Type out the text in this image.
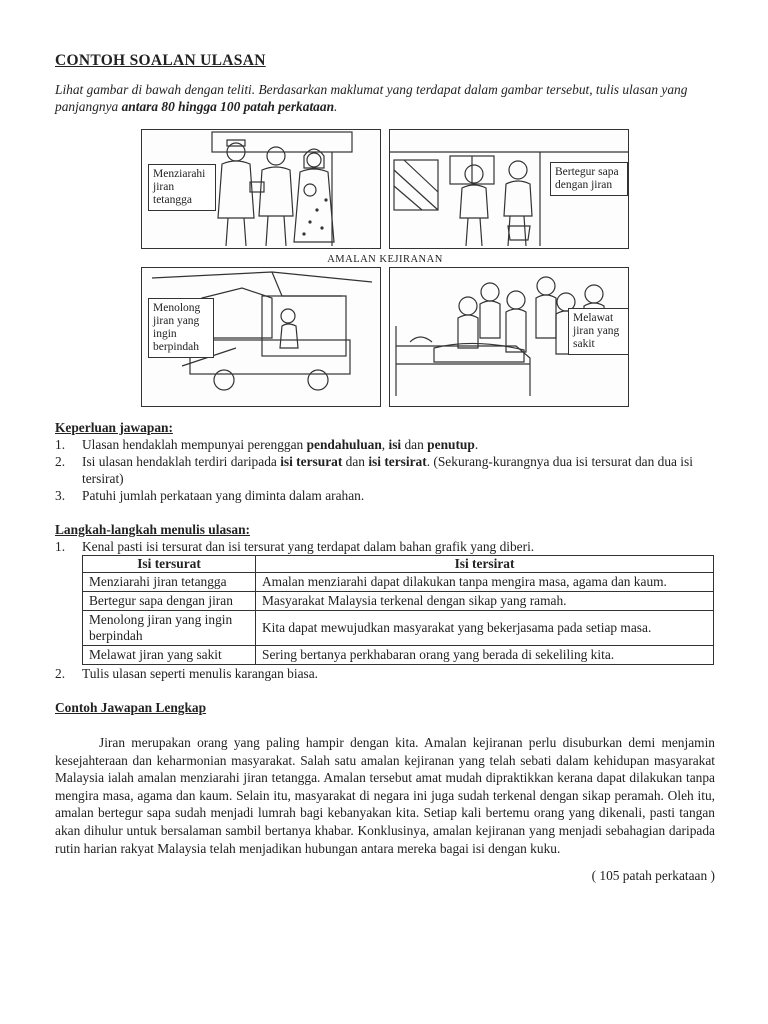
CONTOH SOALAN ULASAN

Lihat gambar di bawah dengan teliti. Berdasarkan maklumat yang terdapat dalam gambar tersebut, tulis ulasan yang panjangnya antara 80 hingga 100 patah perkataan.

Menziarahi jiran tetangga
Bertegur sapa dengan jiran
AMALAN KEJIRANAN
Menolong jiran yang ingin berpindah
Melawat jiran yang sakit

Keperluan jawapan:

1. Ulasan hendaklah mempunyai perenggan pendahuluan, isi dan penutup.
2. Isi ulasan hendaklah terdiri daripada isi tersurat dan isi tersirat. (Sekurang-kurangnya dua isi tersurat dan dua isi tersirat)
3. Patuhi jumlah perkataan yang diminta dalam arahan.

Langkah-langkah menulis ulasan:

1. Kenal pasti isi tersurat dan isi tersurat yang terdapat dalam bahan grafik yang diberi.
Isi tersurat	Isi tersirat
Menziarahi jiran tetangga	Amalan menziarahi dapat dilakukan tanpa mengira masa, agama dan kaum.
Bertegur sapa dengan jiran	Masyarakat Malaysia terkenal dengan sikap yang ramah.
Menolong jiran yang ingin berpindah	Kita dapat mewujudkan masyarakat yang bekerjasama pada setiap masa.
Melawat jiran yang sakit	Sering bertanya perkhabaran orang yang berada di sekeliling kita.
2. Tulis ulasan seperti menulis karangan biasa.

Contoh Jawapan Lengkap

Jiran merupakan orang yang paling hampir dengan kita. Amalan kejiranan perlu disuburkan demi menjamin kesejahteraan dan keharmonian masyarakat. Salah satu amalan kejiranan yang telah sebati dalam kehidupan masyarakat Malaysia ialah amalan menziarahi jiran tetangga. Amalan tersebut amat mudah dipraktikkan kerana dapat dilakukan tanpa mengira masa, agama dan kaum. Selain itu, masyarakat di negara ini juga sudah terkenal dengan sikap peramah. Oleh itu, amalan bertegur sapa sudah menjadi lumrah bagi kebanyakan kita. Setiap kali bertemu orang yang dikenali, pasti tangan akan dihulur untuk bersalaman sambil bertanya khabar. Konklusinya, amalan kejiranan yang menjadi sebahagian daripada rutin harian rakyat Malaysia telah menjadikan hubungan antara mereka bagai isi dengan kuku.

( 105 patah perkataan )
